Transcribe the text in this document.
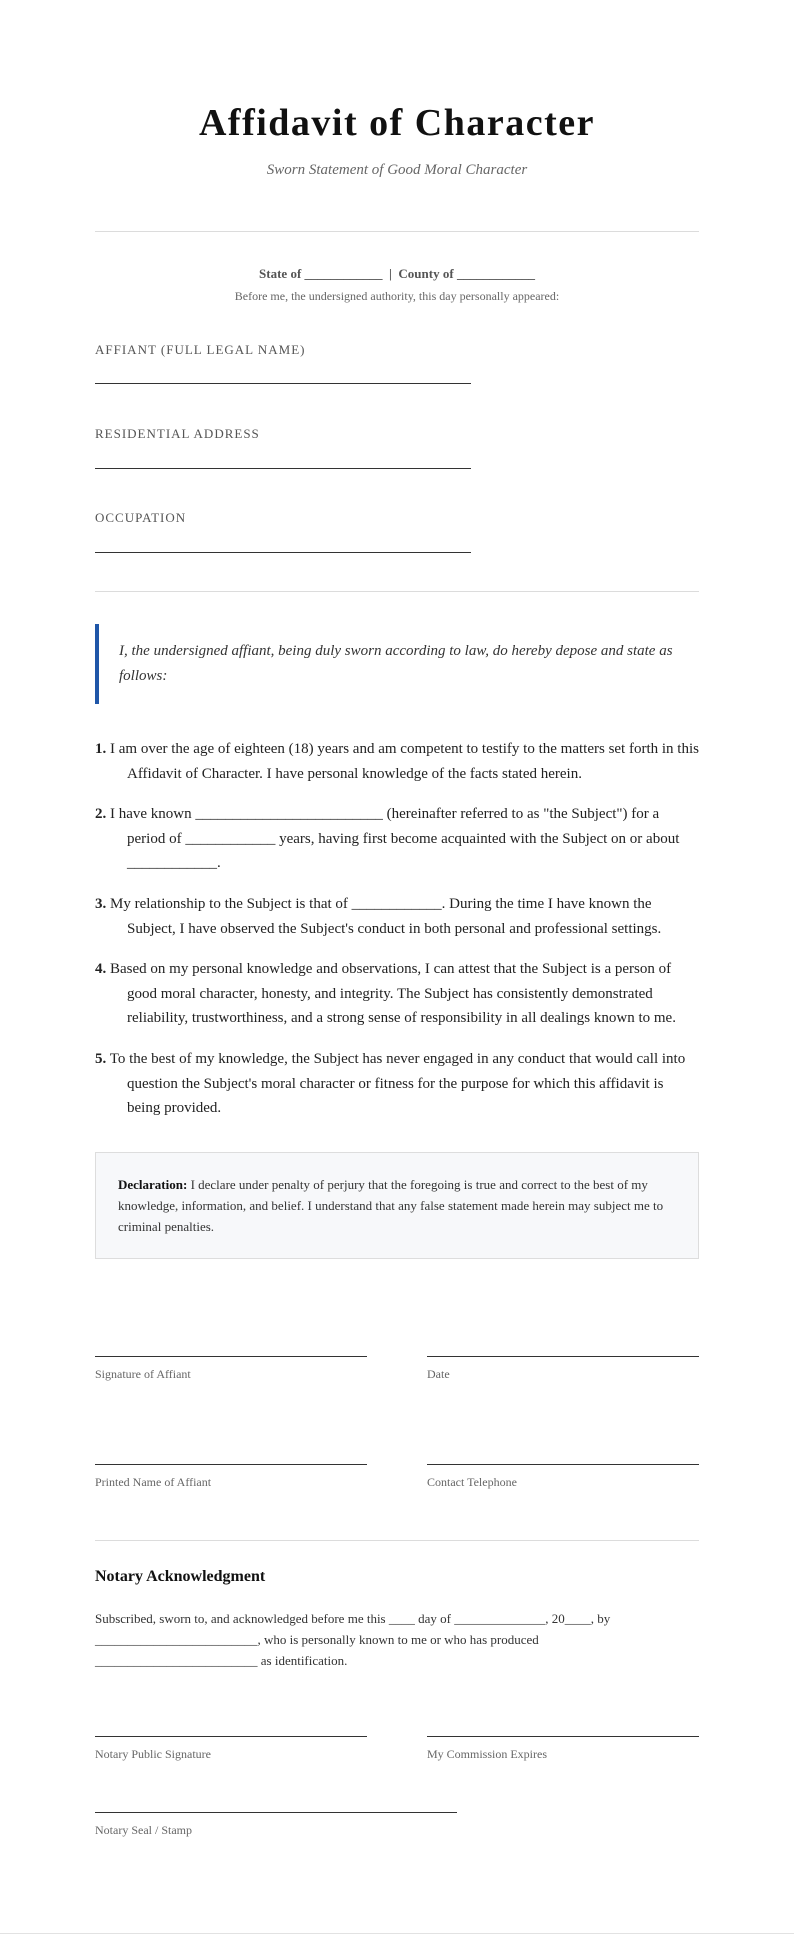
Affidavit of Character
Sworn Statement of Good Moral Character
State of ____________ | County of ____________
Before me, the undersigned authority, this day personally appeared:
AFFIANT (FULL LEGAL NAME)
RESIDENTIAL ADDRESS
OCCUPATION
I, the undersigned affiant, being duly sworn according to law, do hereby depose and state as follows:
1. I am over the age of eighteen (18) years and am competent to testify to the matters set forth in this Affidavit of Character. I have personal knowledge of the facts stated herein.
2. I have known _________________________ (hereinafter referred to as "the Subject") for a period of ____________ years, having first become acquainted with the Subject on or about ____________.
3. My relationship to the Subject is that of ____________. During the time I have known the Subject, I have observed the Subject's conduct in both personal and professional settings.
4. Based on my personal knowledge and observations, I can attest that the Subject is a person of good moral character, honesty, and integrity. The Subject has consistently demonstrated reliability, trustworthiness, and a strong sense of responsibility in all dealings known to me.
5. To the best of my knowledge, the Subject has never engaged in any conduct that would call into question the Subject's moral character or fitness for the purpose for which this affidavit is being provided.
Declaration: I declare under penalty of perjury that the foregoing is true and correct to the best of my knowledge, information, and belief. I understand that any false statement made herein may subject me to criminal penalties.
Signature of Affiant	Date
Printed Name of Affiant	Contact Telephone
Notary Acknowledgment
Subscribed, sworn to, and acknowledged before me this ____ day of ______________, 20____, by _________________________, who is personally known to me or who has produced _________________________ as identification.
Notary Public Signature	My Commission Expires
Notary Seal / Stamp
